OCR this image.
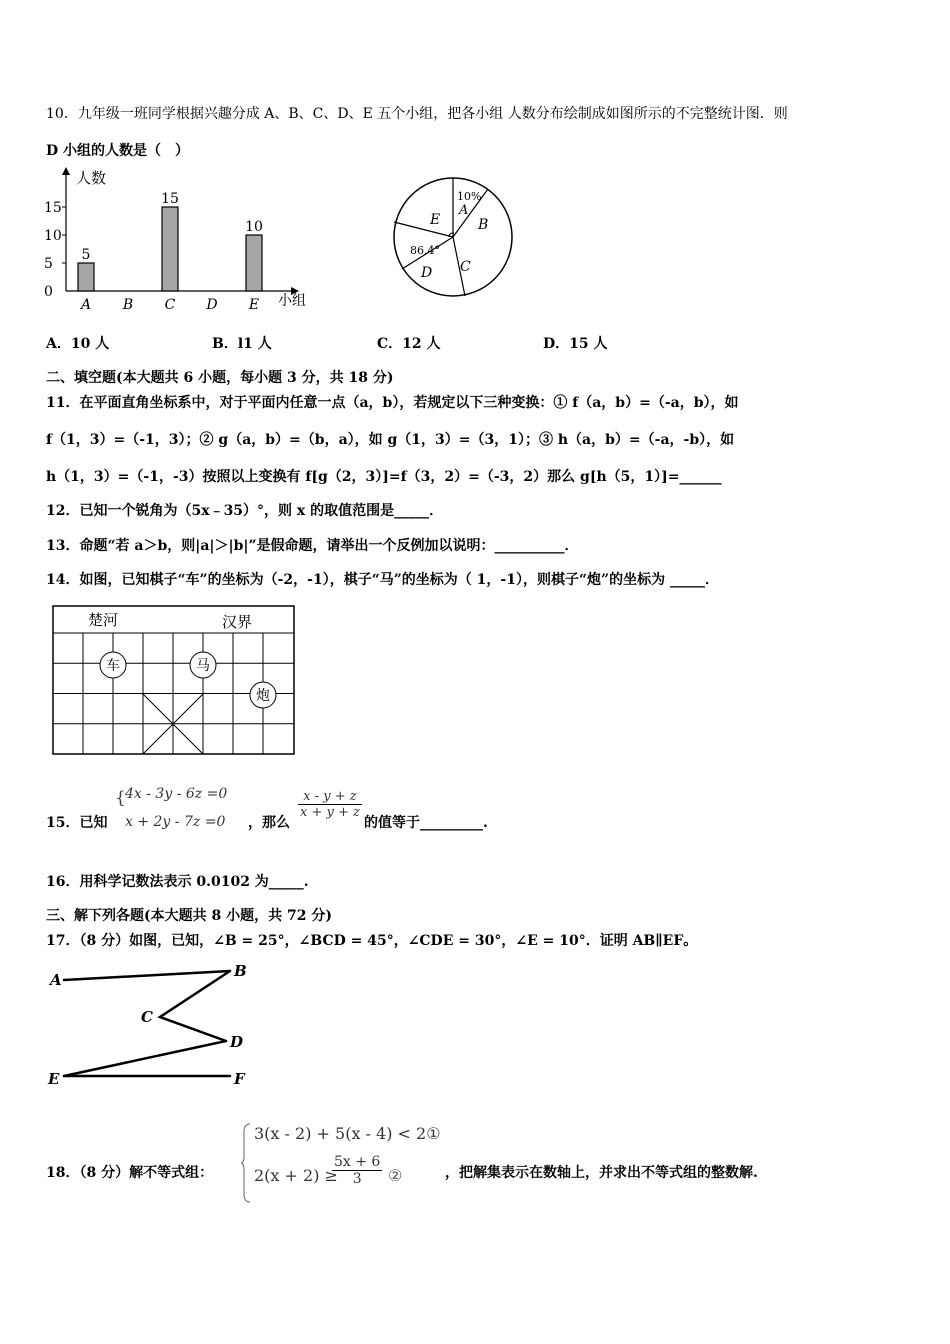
10．九年级一班同学根据兴趣分成 A、B、C、D、E 五个小组，把各小组 人数分布绘制成如图所示的不完整统计图．则
D 小组的人数是（　）
人数
小组
15
10
5
0
A
5
B C
15
D E
10
10%
A
B
C
86.4°
D
E
A．10 人	B．l1 人	C．12 人	D．15 人
二、填空题(本大题共 6 小题，每小题 3 分，共 18 分)
11．在平面直角坐标系中，对于平面内任意一点（a，b），若规定以下三种变换：① f（a，b）=（-a，b），如
f（1，3）=（-1，3）；② g（a，b）=（b，a），如 g（1，3）=（3，1）；③ h（a，b）=（-a，-b），如
h（1，3）=（-1，-3）按照以上变换有 f[g（2，3）]=f（3，2）=（-3，2）那么 g[h（5，1）]=______
12．已知一个锐角为（5x﹣35）°，则 x 的取值范围是_____．
13．命题“若 a＞b，则|a|＞|b|”是假命题，请举出一个反例加以说明：__________．
14．如图，已知棋子“车”的坐标为（-2，-1），棋子“马”的坐标为（ 1，-1），则棋子“炮”的坐标为 _____．
楚河	汉界
车	马
炮
15．已知
{ 4x - 3y - 6z =0
x + 2y - 7z =0 ，那么
$\frac{x - y + z}{x + y + z}$
的值等于_________.
16．用科学记数法表示 0.0102 为_____.
三、解下列各题(本大题共 8 小题，共 72 分)
17．（8 分）如图，已知，∠B = 25°，∠BCD = 45°，∠CDE = 30°，∠E = 10°．证明 AB∥EF。
A	B
C
D
E	F
18．（8 分）解不等式组：
3(x - 2) + 5(x - 4) < 2①
2(x + 2) ≥
$\frac{5x + 6}{3}$ ②	，把解集表示在数轴上，并求出不等式组的整数解.
